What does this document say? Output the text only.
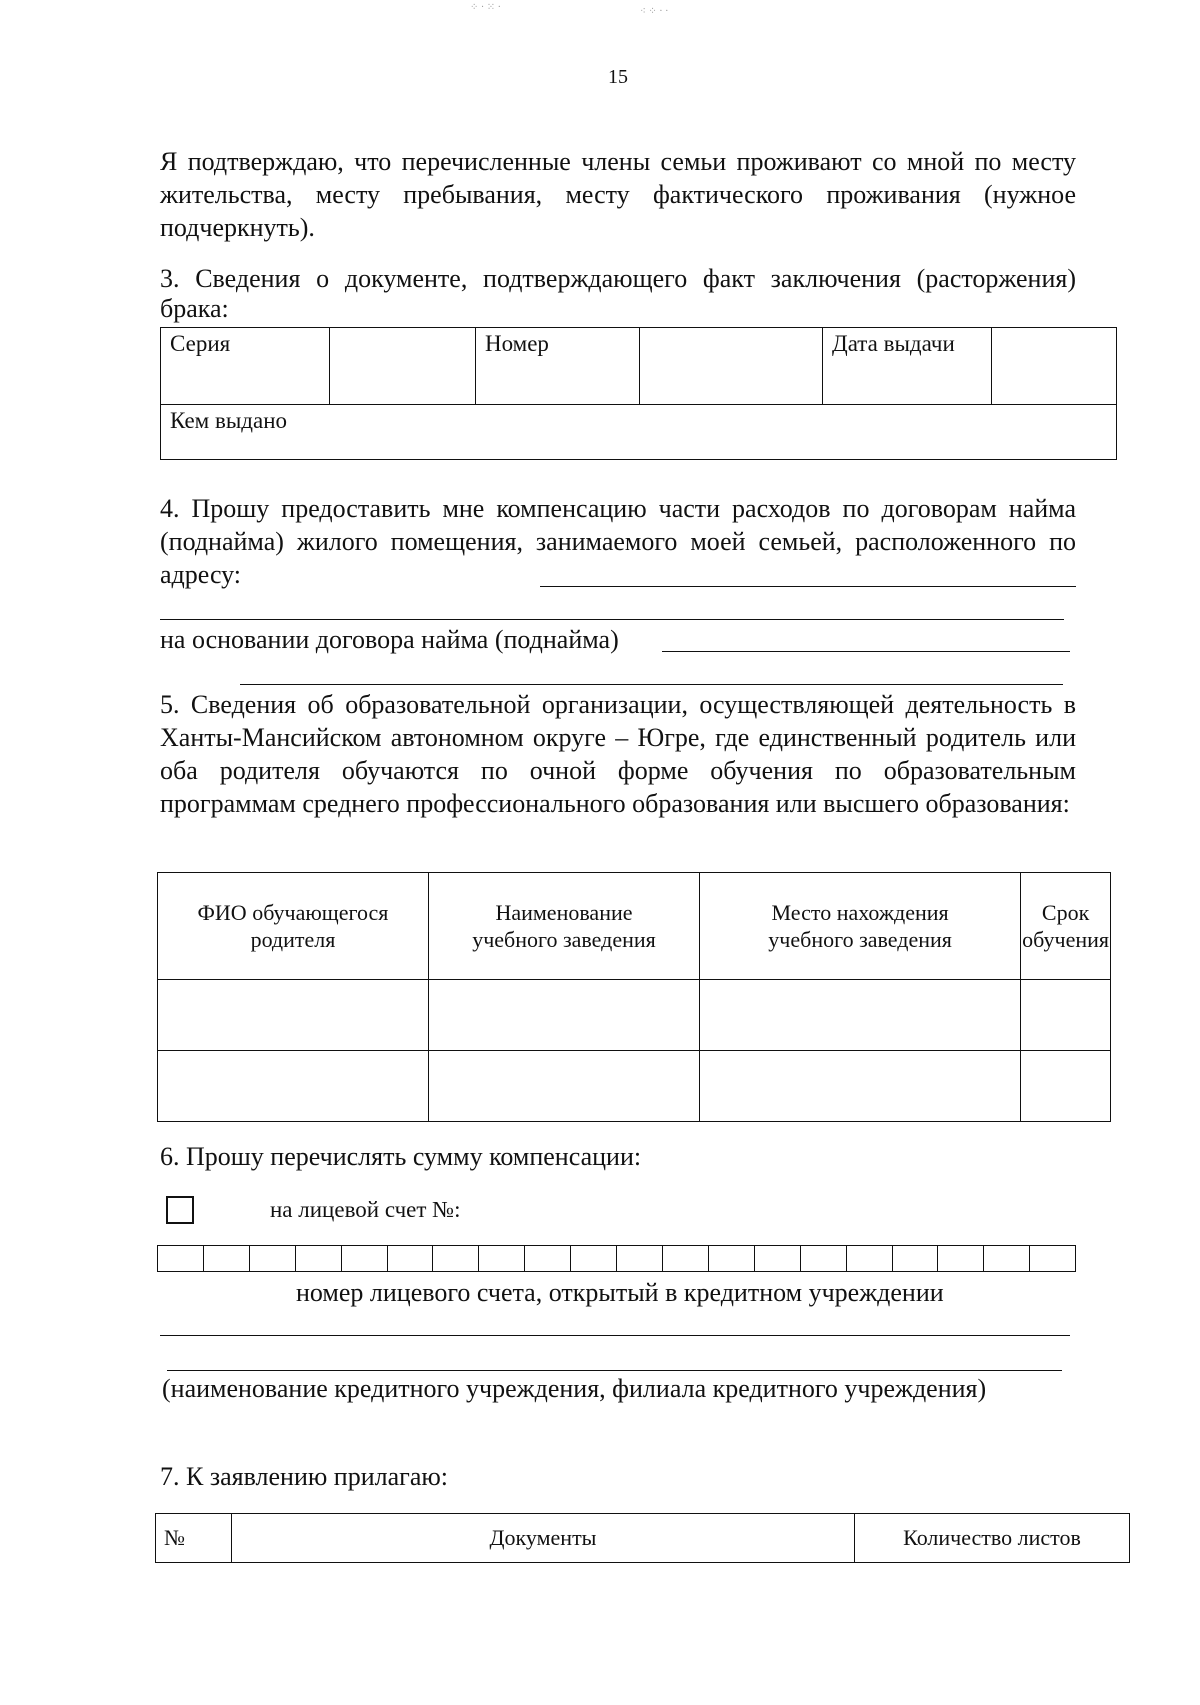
⁘ · ⁙ ·	⁖ ⁘ · ·
15
Я подтверждаю, что перечисленные члены семьи проживают со мной по месту жительства, месту пребывания, месту фактического проживания (нужное подчеркнуть).
3. Сведения о документе, подтверждающего факт заключения (расторжения) брака:
Серия		Номер		Дата выдачи	
Кем выдано
4. Прошу предоставить мне компенсацию части расходов по договорам найма (поднайма) жилого помещения, занимаемого моей семьей, расположенного по адресу:
на основании договора найма (поднайма)
5. Сведения об образовательной организации, осуществляющей деятельность в Ханты-Мансийском автономном округе – Югре, где единственный родитель или оба родителя обучаются по очной форме обучения по образовательным программам среднего профессионального образования или высшего образования:
ФИО обучающегося родителя	Наименование учебного заведения	Место нахождения учебного заведения	Срок обучения

6. Прошу перечислять сумму компенсации:
на лицевой счет №:
номер лицевого счета, открытый в кредитном учреждении
(наименование кредитного учреждения, филиала кредитного учреждения)
7. К заявлению прилагаю:
№	Документы	Количество листов
